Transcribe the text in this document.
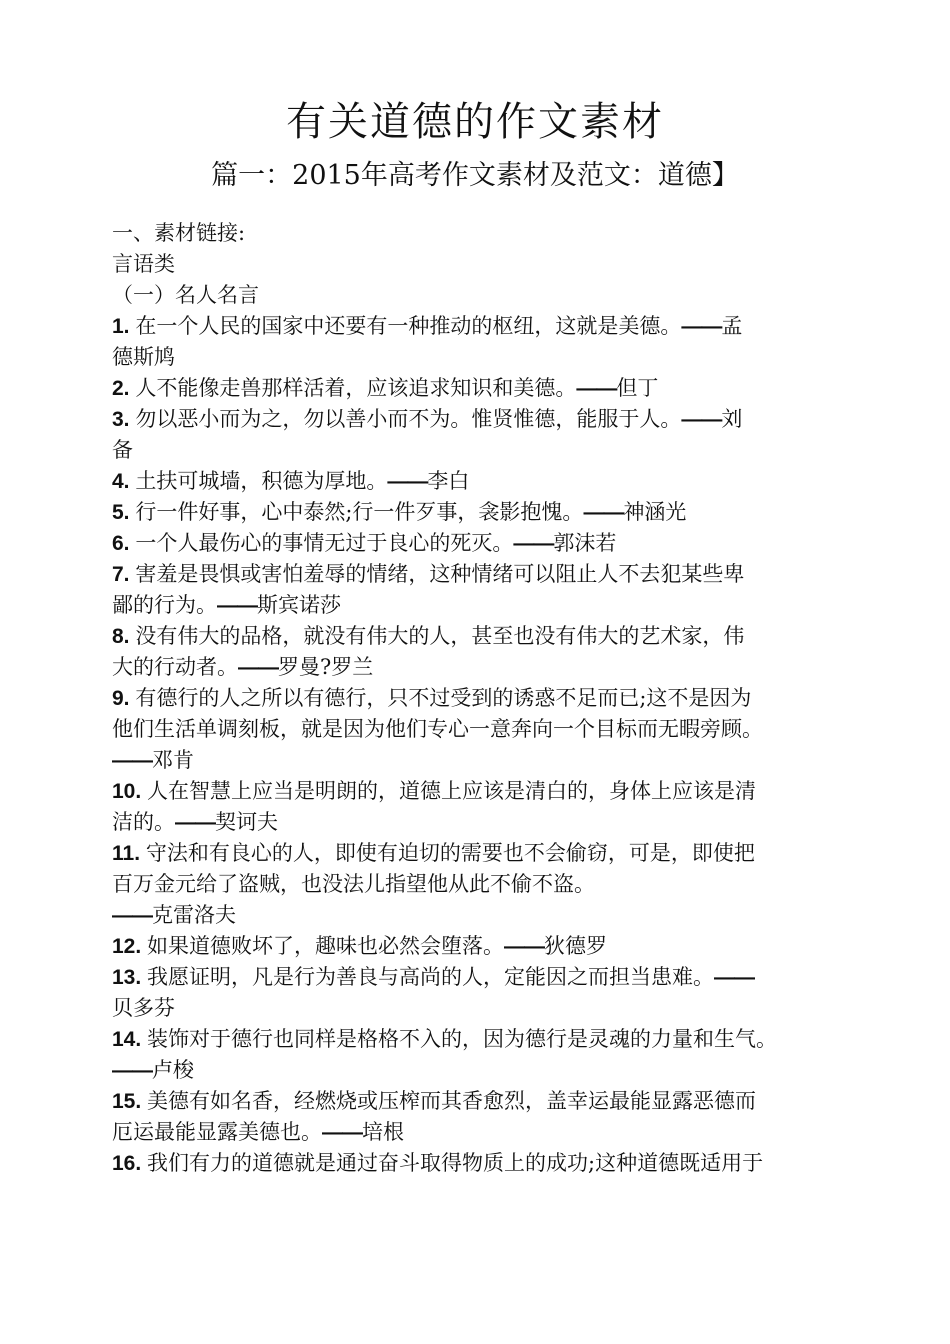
有关道德的作文素材
篇一：2015年高考作文素材及范文：道德】
一、素材链接:
言语类
（一）名人名言
1. 在一个人民的国家中还要有一种推动的枢纽，这就是美德。——孟
德斯鸠
2. 人不能像走兽那样活着，应该追求知识和美德。——但丁
3. 勿以恶小而为之，勿以善小而不为。惟贤惟德，能服于人。——刘
备
4. 土扶可城墙，积德为厚地。——李白
5. 行一件好事，心中泰然;行一件歹事，衾影抱愧。——神涵光
6. 一个人最伤心的事情无过于良心的死灭。——郭沫若
7. 害羞是畏惧或害怕羞辱的情绪，这种情绪可以阻止人不去犯某些卑
鄙的行为。——斯宾诺莎
8. 没有伟大的品格，就没有伟大的人，甚至也没有伟大的艺术家，伟
大的行动者。——罗曼?罗兰
9. 有德行的人之所以有德行，只不过受到的诱惑不足而已;这不是因为
他们生活单调刻板，就是因为他们专心一意奔向一个目标而无暇旁顾。
——邓肯
10. 人在智慧上应当是明朗的，道德上应该是清白的，身体上应该是清
洁的。——契诃夫
11. 守法和有良心的人，即使有迫切的需要也不会偷窃，可是，即使把
百万金元给了盗贼，也没法儿指望他从此不偷不盗。
——克雷洛夫
12. 如果道德败坏了，趣味也必然会堕落。——狄德罗
13. 我愿证明，凡是行为善良与高尚的人，定能因之而担当患难。——
贝多芬
14. 装饰对于德行也同样是格格不入的，因为德行是灵魂的力量和生气。
——卢梭
15. 美德有如名香，经燃烧或压榨而其香愈烈，盖幸运最能显露恶德而
厄运最能显露美德也。——培根
16. 我们有力的道德就是通过奋斗取得物质上的成功;这种道德既适用于
